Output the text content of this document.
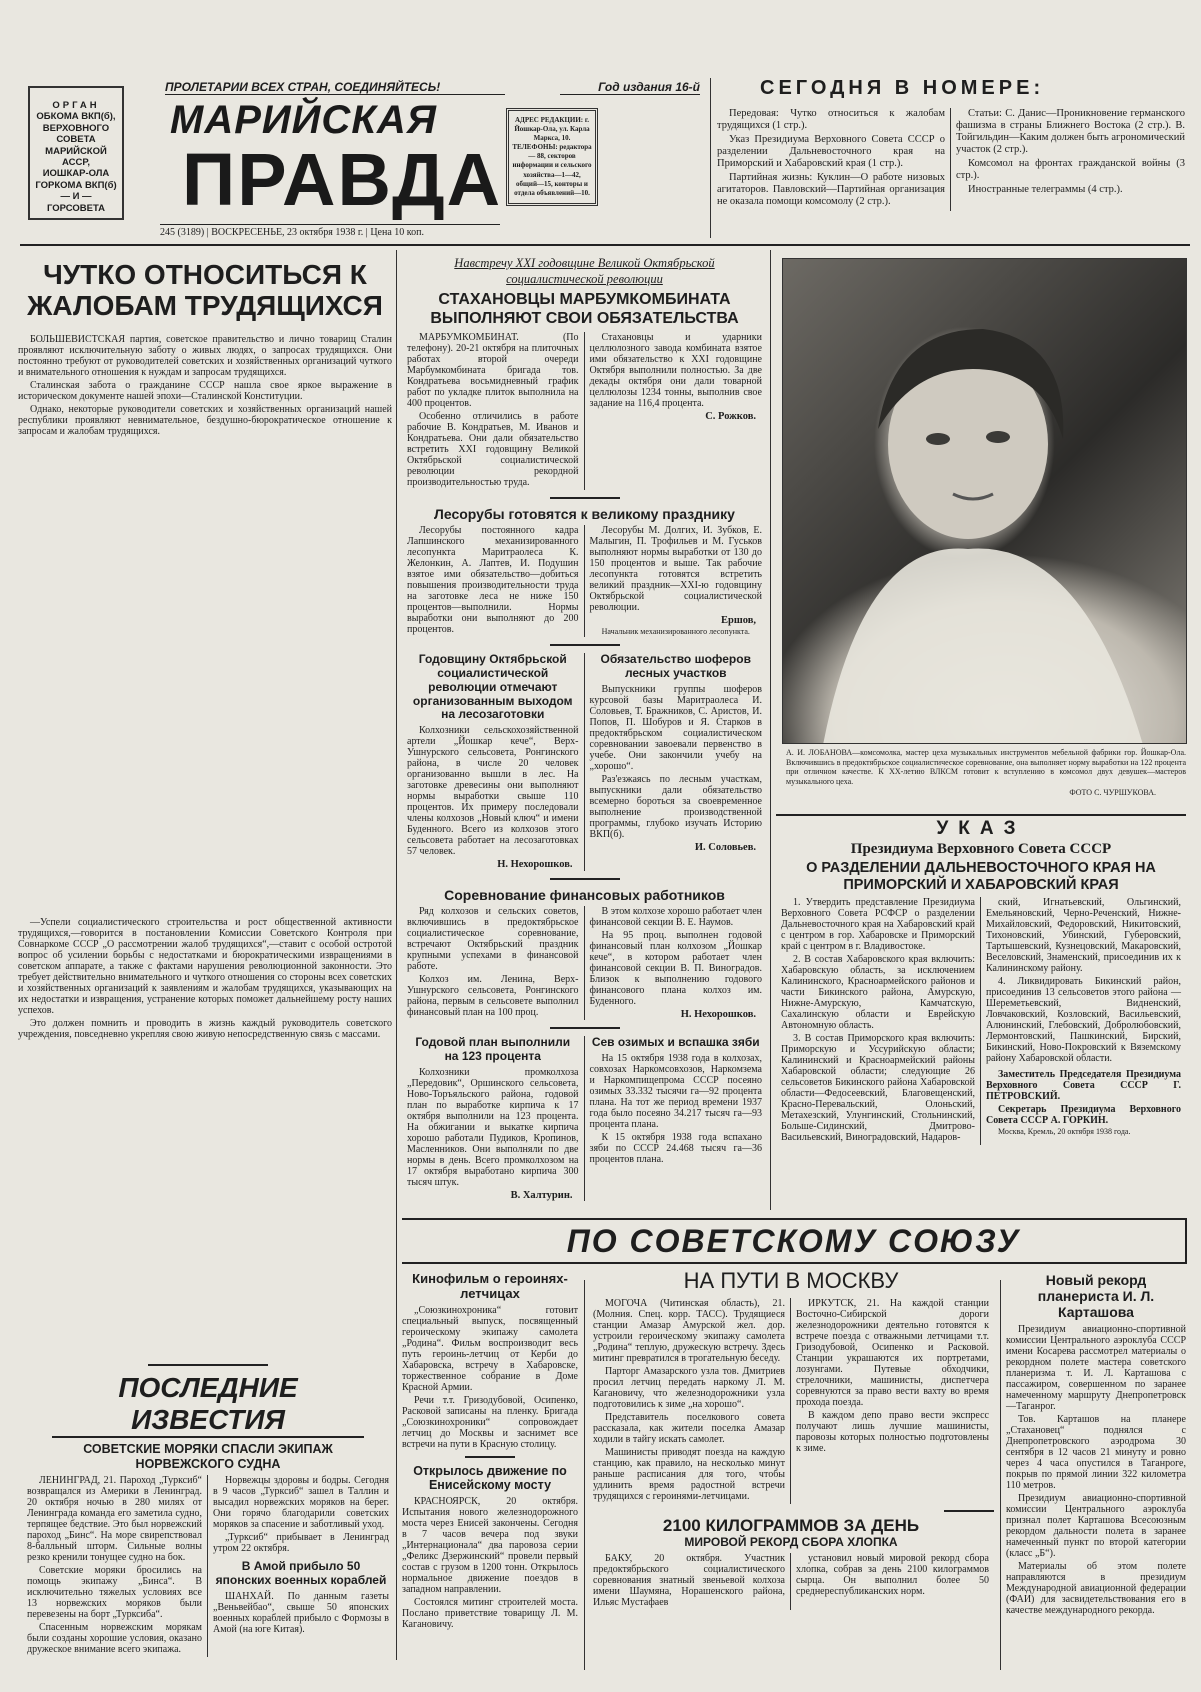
ОРГАН
ОБКОМА ВКП(б),
ВЕРХОВНОГО
СОВЕТА
МАРИЙСКОЙ АССР,
ИОШКАР-ОЛА
ГОРКОМА ВКП(б)
— И —
ГОРСОВЕТА
ПРОЛЕТАРИИ ВСЕХ СТРАН, СОЕДИНЯЙТЕСЬ!	Год издания 16-й
МАРИЙСКАЯ
ПРАВДА
АДРЕС РЕДАКЦИИ: г. Йошкар-Ола, ул. Карла Маркса, 10. ТЕЛЕФОНЫ: редактора — 88, секторов информации и сельского хозяйства—1—42, общий—15, конторы и отдела объявлений—10.
245 (3189) | ВОСКРЕСЕНЬЕ, 23 октября 1938 г. | Цена 10 коп.
СЕГОДНЯ В НОМЕРЕ:

Передовая: Чутко относиться к жалобам трудящихся (1 стр.).

Указ Президиума Верховного Совета СССР о разделении Дальневосточного края на Приморский и Хабаровский края (1 стр.).

Партийная жизнь: Куклин—О работе низовых агитаторов. Павловский—Партийная организация не оказала помощи комсомолу (2 стр.).

Статьи: С. Данис—Проникновение германского фашизма в страны Ближнего Востока (2 стр.). В. Тойгильдин—Каким должен быть агрономический участок (2 стр.).

Комсомол на фронтах гражданской войны (3 стр.).

Иностранные телеграммы (4 стр.).

ЧУТКО ОТНОСИТЬСЯ К ЖАЛОБАМ ТРУДЯЩИХСЯ

БОЛЬШЕВИСТСКАЯ партия, советское правительство и лично товарищ Сталин проявляют исключительную заботу о живых людях, о запросах трудящихся. Они постоянно требуют от руководителей советских и хозяйственных организаций чуткого и внимательного отношения к нуждам и запросам трудящихся.

Сталинская забота о гражданине СССР нашла свое яркое выражение в историческом документе нашей эпохи—Сталинской Конституции.

Однако, некоторые руководители советских и хозяйственных организаций нашей республики проявляют невнимательное, бездушно-бюрократическое отношение к запросам и жалобам трудящихся.

—Успели социалистического строительства и рост общественной активности трудящихся,—говорится в постановлении Комиссии Советского Контроля при Совнаркоме СССР „О рассмотрении жалоб трудящихся“,—ставит с особой остротой вопрос об усилении борьбы с недостатками и бюрократическими извращениями в советском аппарате, а также с фактами нарушения революционной законности. Это требует действительно внимательного и чуткого отношения со стороны всех советских и хозяйственных организаций к заявлениям и жалобам трудящихся, указывающих на их недостатки и извращения, устранение которых поможет дальнейшему росту наших успехов.

Это должен помнить и проводить в жизнь каждый руководитель советского учреждения, повседневно укрепляя свою живую непосредственную связь с массами.

ПОСЛЕДНИЕ ИЗВЕСТИЯ
СОВЕТСКИЕ МОРЯКИ СПАСЛИ ЭКИПАЖ НОРВЕЖСКОГО СУДНА

ЛЕНИНГРАД, 21. Пароход „Турксиб“ возвращался из Америки в Ленинград. 20 октября ночью в 280 милях от Ленинграда команда его заметила судно, терпящее бедствие. Это был норвежский пароход „Бинс“. На море свирепствовал 8-балльный шторм. Сильные волны резко кренили тонущее судно на бок.

Советские моряки бросились на помощь экипажу „Бинса“. В исключительно тяжелых условиях все 13 норвежских моряков были перевезены на борт „Турксиба“.

Спасенным норвежским морякам были созданы хорошие условия, оказано дружеское внимание всего экипажа.

Норвежцы здоровы и бодры. Сегодня в 9 часов „Турксиб“ зашел в Таллин и высадил норвежских моряков на берег. Они горячо благодарили советских моряков за спасение и заботливый уход.

„Турксиб“ прибывает в Ленинград утром 22 октября.

В Амой прибыло 50 японских военных кораблей

ШАНХАЙ. По данным газеты „Веньвейбао“, свыше 50 японских военных кораблей прибыло с Формозы в Амой (на юге Китая).

Навстречу XXI годовщине Великой Октябрьской социалистической революции
СТАХАНОВЦЫ МАРБУМКОМБИНАТА ВЫПОЛНЯЮТ СВОИ ОБЯЗАТЕЛЬСТВА

МАРБУМКОМБИНАТ. (По телефону). 20-21 октября на плиточных работах второй очереди Марбумкомбината бригада тов. Кондратьева восьмидневный график работ по укладке плиток выполнила на 400 процентов.

Особенно отличились в работе рабочие В. Кондратьев, М. Иванов и Кондратьева. Они дали обязательство встретить XXI годовщину Великой Октябрьской социалистической революции рекордной производительностью труда.

Стахановцы и ударники целлюлозного завода комбината взятое ими обязательство к XXI годовщине Октября выполнили полностью. За две декады октября они дали товарной целлюлозы 1234 тонны, выполнив свое задание на 116,4 процента.

С. Рожков.
Лесорубы готовятся к великому празднику

Лесорубы постоянного кадра Лапшинского механизированного лесопункта Маритраолеса К. Желонкин, А. Лаптев, И. Подушин взятое ими обязательство—добиться повышения производительности труда на заготовке леса не ниже 150 процентов—выполнили. Нормы выработки они выполняют до 200 процентов.

Лесорубы М. Долгих, И. Зубков, Е. Малыгин, П. Трофильев и М. Гуськов выполняют нормы выработки от 130 до 150 процентов и выше. Так рабочие лесопункта готовятся встретить великий праздник—XXI-ю годовщину Октябрьской социалистической революции.

Ершов,
Начальник механизированного лесопункта.
Годовщину Октябрьской социалистической революции отмечают организованным выходом на лесозаготовки

Колхозники сельскохозяйственной артели „Йошкар кече“, Верх-Ушнурского сельсовета, Ронгинского района, в числе 20 человек организованно вышли в лес. На заготовке древесины они выполняют нормы выработки свыше 110 процентов. Их примеру последовали члены колхозов „Новый ключ“ и имени Буденного. Всего из колхозов этого сельсовета работает на лесозаготовках 57 человек.

Н. Нехорошков.
Обязательство шоферов лесных участков

Выпускники группы шоферов курсовой базы Маритраолеса И. Соловьев, Т. Бражников, С. Аристов, И. Попов, П. Шобуров и Я. Старков в предоктябрьском социалистическом соревновании завоевали первенство в учебе. Они закончили учебу на „хорошо“.

Раз'езжаясь по лесным участкам, выпускники дали обязательство всемерно бороться за своевременное выполнение производственной программы, глубоко изучать Историю ВКП(б).

И. Соловьев.
Соревнование финансовых работников

Ряд колхозов и сельских советов, включившись в предоктябрьское социалистическое соревнование, встречают Октябрьский праздник крупными успехами в финансовой работе.

Колхоз им. Ленина, Верх-Ушнурского сельсовета, Ронгинского района, первым в сельсовете выполнил финансовый план на 100 проц.

В этом колхозе хорошо работает член финансовой секции В. Е. Наумов.

На 95 проц. выполнен годовой финансовый план колхозом „Йошкар кече“, в котором работает член финансовой секции В. П. Виноградов. Близок к выполнению годового финансового плана колхоз им. Буденного.

Н. Нехорошков.
Годовой план выполнили на 123 процента

Колхозники промколхоза „Передовик“, Оршинского сельсовета, Ново-Торъяльского района, годовой план по выработке кирпича к 17 октября выполнили на 123 процента. На обжигании и выкатке кирпича хорошо работали Пудиков, Кропинов, Масленников. Они выполняли по две нормы в день. Всего промколхозом на 17 октября выработано кирпича 300 тысяч штук.

В. Халтурин.
Сев озимых и вспашка зяби

На 15 октября 1938 года в колхозах, совхозах Наркомсовхозов, Наркомзема и Наркомпищепрома СССР посеяно озимых 33.332 тысячи га—92 процента плана. На тот же период времени 1937 года было посеяно 34.217 тысяч га—93 процента плана.

К 15 октября 1938 года вспахано зяби по СССР 24.468 тысяч га—36 процентов плана.

А. И. ЛОБАНОВА—комсомолка, мастер цеха музыкальных инструментов мебельной фабрики гор. Йошкар-Ола. Включившись в предоктябрьское социалистическое соревнование, она выполняет норму выработки на 122 процента при отличном качестве. К XX-летию ВЛКСМ готовит к вступлению в комсомол двух девушек—мастеров музыкального цеха.
ФОТО С. ЧУРШУКОВА.
УКАЗ
Президиума Верховного Совета СССР
О РАЗДЕЛЕНИИ ДАЛЬНЕВОСТОЧНОГО КРАЯ НА ПРИМОРСКИЙ И ХАБАРОВСКИЙ КРАЯ

1. Утвердить представление Президиума Верховного Совета РСФСР о разделении Дальневосточного края на Хабаровский край с центром в гор. Хабаровске и Приморский край с центром в г. Владивостоке.

2. В состав Хабаровского края включить: Хабаровскую область, за исключением Калининского, Красноармейского районов и части Бикинского района, Амурскую, Нижне-Амурскую, Камчатскую, Сахалинскую области и Еврейскую Автономную область.

3. В состав Приморского края включить: Приморскую и Уссурийскую области; Калининский и Красноармейский районы Хабаровской области; следующие 26 сельсоветов Бикинского района Хабаровской области—Федосеевский, Благовещенский, Красно-Перевальский, Олоньский, Метахезский, Улунгинский, Стольнинский, Больше-Сидинский, Дмитрово-Васильевский, Виноградовский, Надаров-

ский, Игнатьевский, Ольгинский, Емельяновский, Черно-Реченский, Нижне-Михайловский, Федоровский, Никитовский, Тихоновский, Убинский, Губеровский, Тартышевский, Кузнецовский, Макаровский, Веселовский, Знаменский, присоединив их к Калининскому району.

4. Ликвидировать Бикинский район, присоединив 13 сельсоветов этого района — Шереметьевский, Видненский, Ловчаковский, Козловский, Васильевский, Алюнинский, Глебовский, Добролюбовский, Лермонтовский, Пашкинский, Бирский, Бикинский, Ново-Покровский к Вяземскому району Хабаровской области.

Заместитель Председателя Президиума Верховного Совета СССР Г. ПЕТРОВСКИЙ.

Секретарь Президиума Верховного Совета СССР А. ГОРКИН.

Москва, Кремль, 20 октября 1938 года.

ПО СОВЕТСКОМУ СОЮЗУ
Кинофильм о героинях-летчицах

„Союзкинохроника“ готовит специальный выпуск, посвященный героическому экипажу самолета „Родина“. Фильм воспроизводит весь путь героинь-летчиц от Керби до Хабаровска, встречу в Хабаровске, торжественное собрание в Доме Красной Армии.

Речи т.т. Гризодубовой, Осипенко, Расковой записаны на пленку. Бригада „Союзкинохроники“ сопровождает летчиц до Москвы и заснимет все встречи на пути в Красную столицу.

Открылось движение по Енисейскому мосту

КРАСНОЯРСК, 20 октября. Испытания нового железнодорожного моста через Енисей закончены. Сегодня в 7 часов вечера под звуки „Интернационала“ два паровоза серии „Феликс Дзержинский“ провели первый состав с грузом в 1200 тонн. Открылось нормальное движение поездов в западном направлении.

Состоялся митинг строителей моста. Послано приветствие товарищу Л. М. Кагановичу.

НА ПУТИ В МОСКВУ

МОГОЧА (Читинская область), 21. (Молния. Спец. корр. ТАСС). Трудящиеся станции Амазар Амурской жел. дор. устроили героическому экипажу самолета „Родина“ теплую, дружескую встречу. Здесь митинг превратился в трогательную беседу.

Парторг Амазарского узла тов. Дмитриев просил летчиц передать наркому Л. М. Кагановичу, что железнодорожники узла подготовились к зиме „на хорошо“.

Представитель поселкового совета рассказала, как жители поселка Амазар ходили в тайгу искать самолет.

Машинисты приводят поезда на каждую станцию, как правило, на несколько минут раньше расписания для того, чтобы удлинить время радостной встречи трудящихся с героинями-летчицами.

ИРКУТСК, 21. На каждой станции Восточно-Сибирской дороги железнодорожники деятельно готовятся к встрече поезда с отважными летчицами т.т. Гризодубовой, Осипенко и Расковой. Станции украшаются их портретами, лозунгами. Путевые обходчики, стрелочники, машинисты, диспетчера соревнуются за право вести вахту во время прохода поезда.

В каждом депо право вести экспресс получают лишь лучшие машинисты, паровозы которых полностью подготовлены к зиме.

2100 КИЛОГРАММОВ ЗА ДЕНЬ
МИРОВОЙ РЕКОРД СБОРА ХЛОПКА

БАКУ, 20 октября. Участник предоктябрьского социалистического соревнования знатный звеньевой колхоза имени Шаумяна, Норашенского района, Ильяс Мустафаев

установил новый мировой рекорд сбора хлопка, собрав за день 2100 килограммов сырца. Он выполнил более 50 среднереспубликанских норм.

Новый рекорд планериста И. Л. Карташова

Президиум авиационно-спортивной комиссии Центрального аэроклуба СССР имени Косарева рассмотрел материалы о рекордном полете мастера советского планеризма т. И. Л. Карташова с пассажиром, совершенном по заранее намеченному маршруту Днепропетровск—Таганрог.

Тов. Карташов на планере „Стахановец“ поднялся с Днепропетровского аэродрома 30 сентября в 12 часов 21 минуту и ровно через 4 часа опустился в Таганроге, покрыв по прямой линии 322 километра 110 метров.

Президиум авиационно-спортивной комиссии Центрального аэроклуба признал полет Карташова Всесоюзным рекордом дальности полета в заранее намеченный пункт по второй категории (класс „Б“).

Материалы об этом полете направляются в президиум Международной авиационной федерации (ФАИ) для засвидетельствования его в качестве международного рекорда.
